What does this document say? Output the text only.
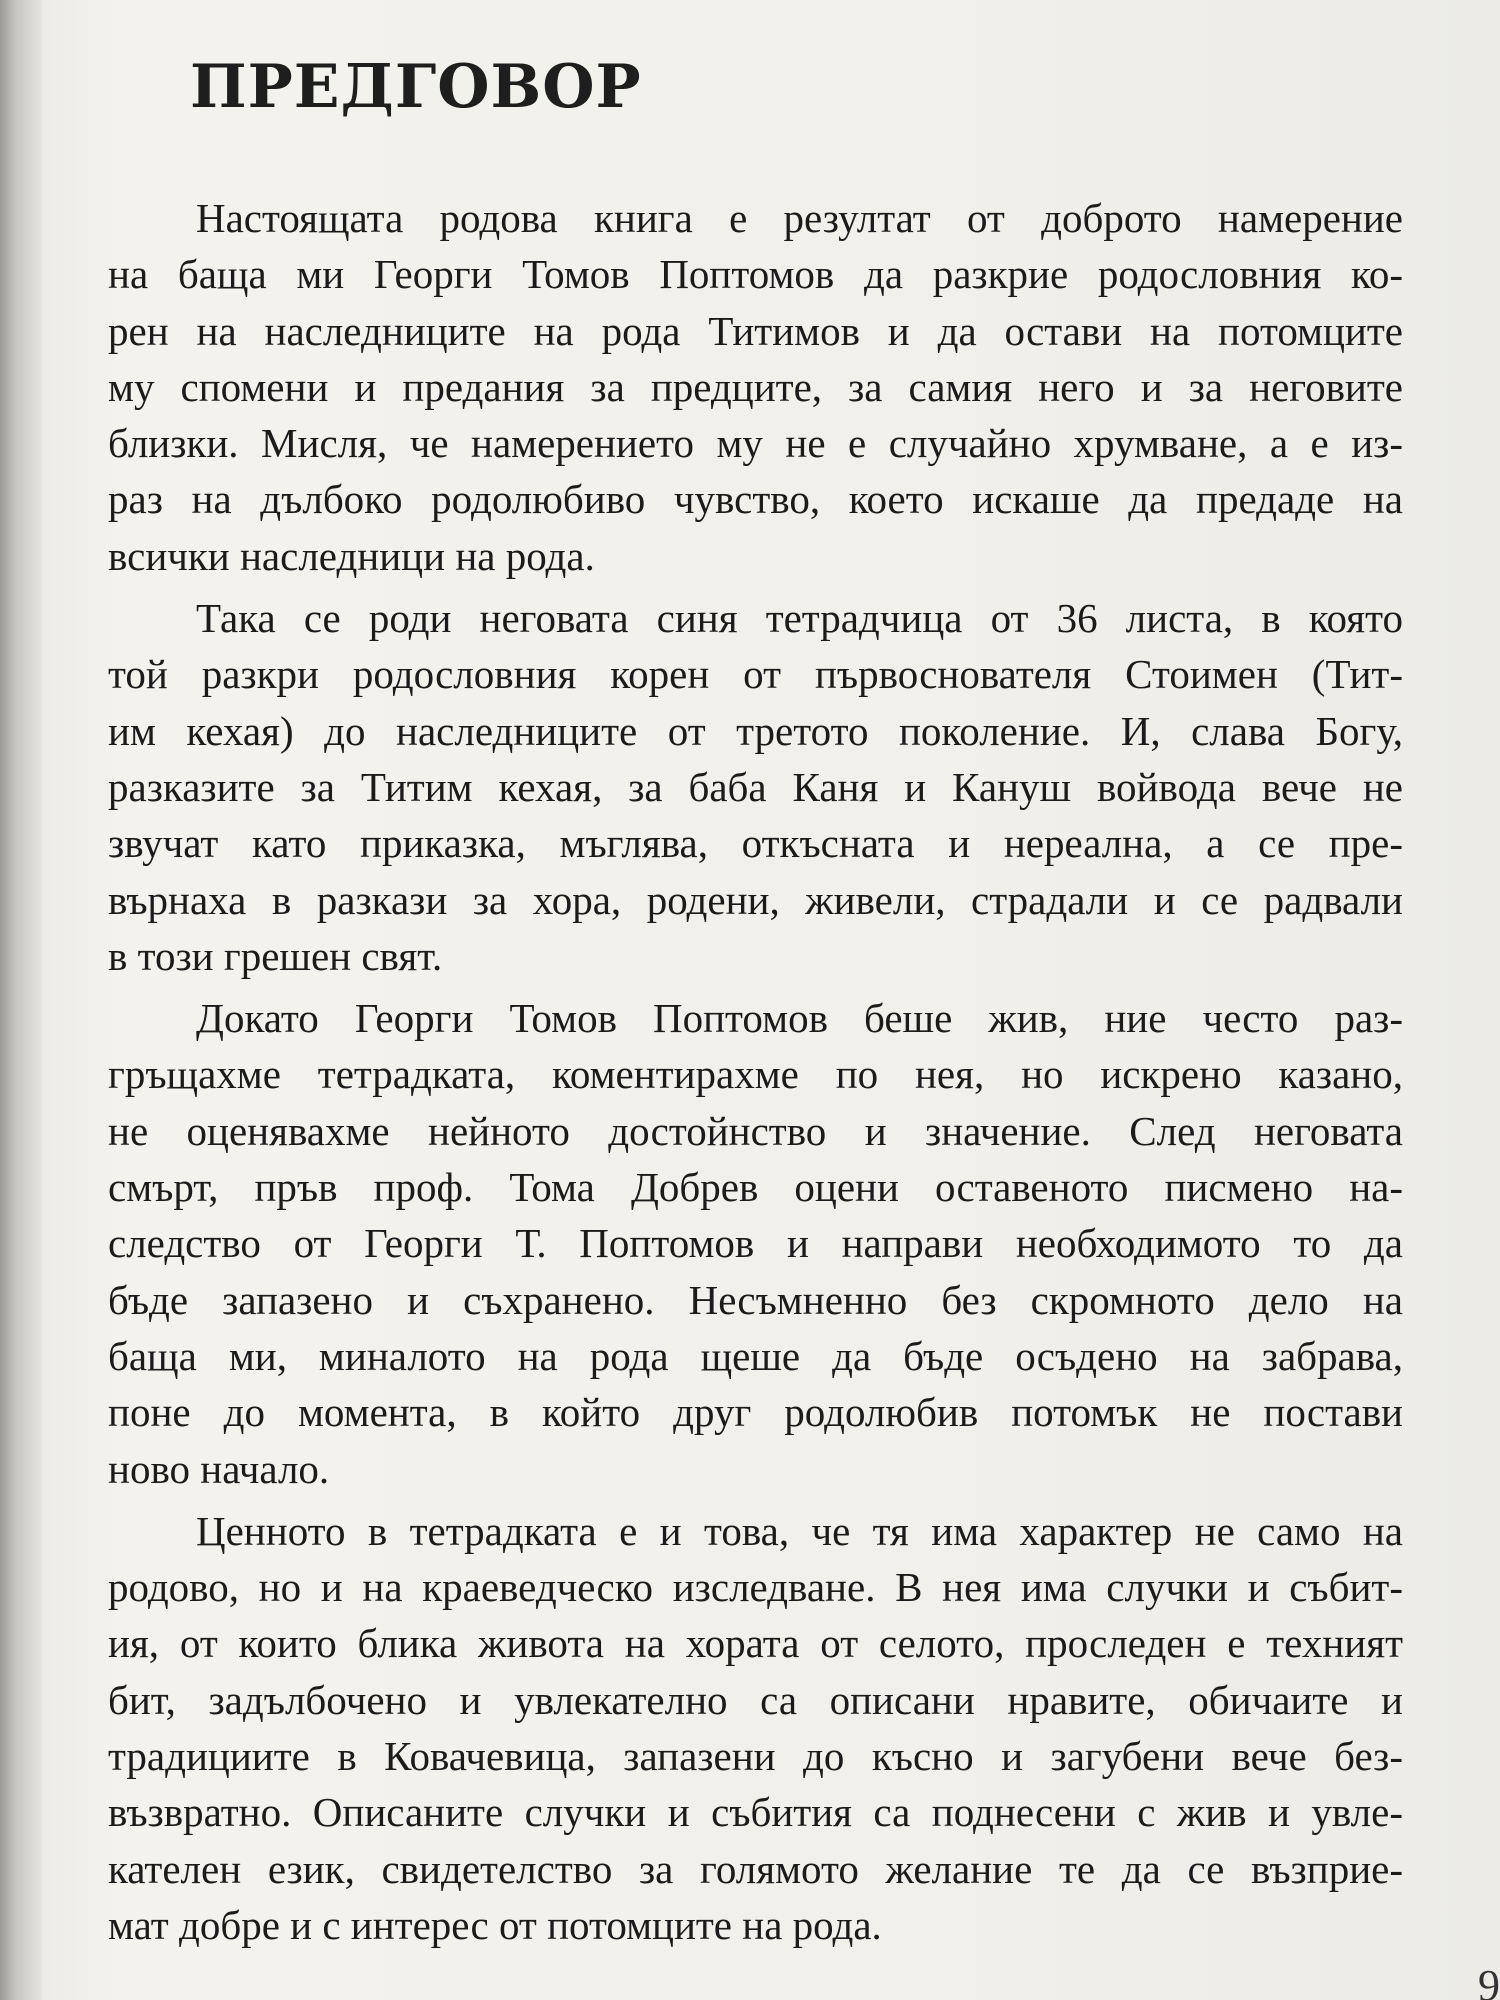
ПРЕДГОВОР
Настоящата родова книга е резултат от доброто намерение
на баща ми Георги Томов Поптомов да разкрие родословния ко-
рен на наследниците на рода Титимов и да остави на потомците
му спомени и предания за предците, за самия него и за неговите
близки. Мисля, че намерението му не е случайно хрумване, а е из-
раз на дълбоко родолюбиво чувство, което искаше да предаде на
всички наследници на рода.
Така се роди неговата синя тетрадчица от 36 листа, в която
той разкри родословния корен от първоснователя Стоимен (Тит-
им кехая) до наследниците от третото поколение. И, слава Богу,
разказите за Титим кехая, за баба Каня и Кануш войвода вече не
звучат като приказка, мъглява, откъсната и нереална, а се пре-
върнаха в разкази за хора, родени, живели, страдали и се радвали
в този грешен свят.
Докато Георги Томов Поптомов беше жив, ние често раз-
гръщахме тетрадката, коментирахме по нея, но искрено казано,
не оценявахме нейното достойнство и значение. След неговата
смърт, пръв проф. Тома Добрев оцени оставеното писмено на-
следство от Георги Т. Поптомов и направи необходимото то да
бъде запазено и съхранено. Несъмненно без скромното дело на
баща ми, миналото на рода щеше да бъде осъдено на забрава,
поне до момента, в който друг родолюбив потомък не постави
ново начало.
Ценното в тетрадката е и това, че тя има характер не само на
родово, но и на краеведческо изследване. В нея има случки и събит-
ия, от които блика живота на хората от селото, проследен е техният
бит, задълбочено и увлекателно са описани нравите, обичаите и
традициите в Ковачевица, запазени до късно и загубени вече без-
възвратно. Описаните случки и събития са поднесени с жив и увле-
кателен език, свидетелство за голямото желание те да се възприе-
мат добре и с интерес от потомците на рода.
9
